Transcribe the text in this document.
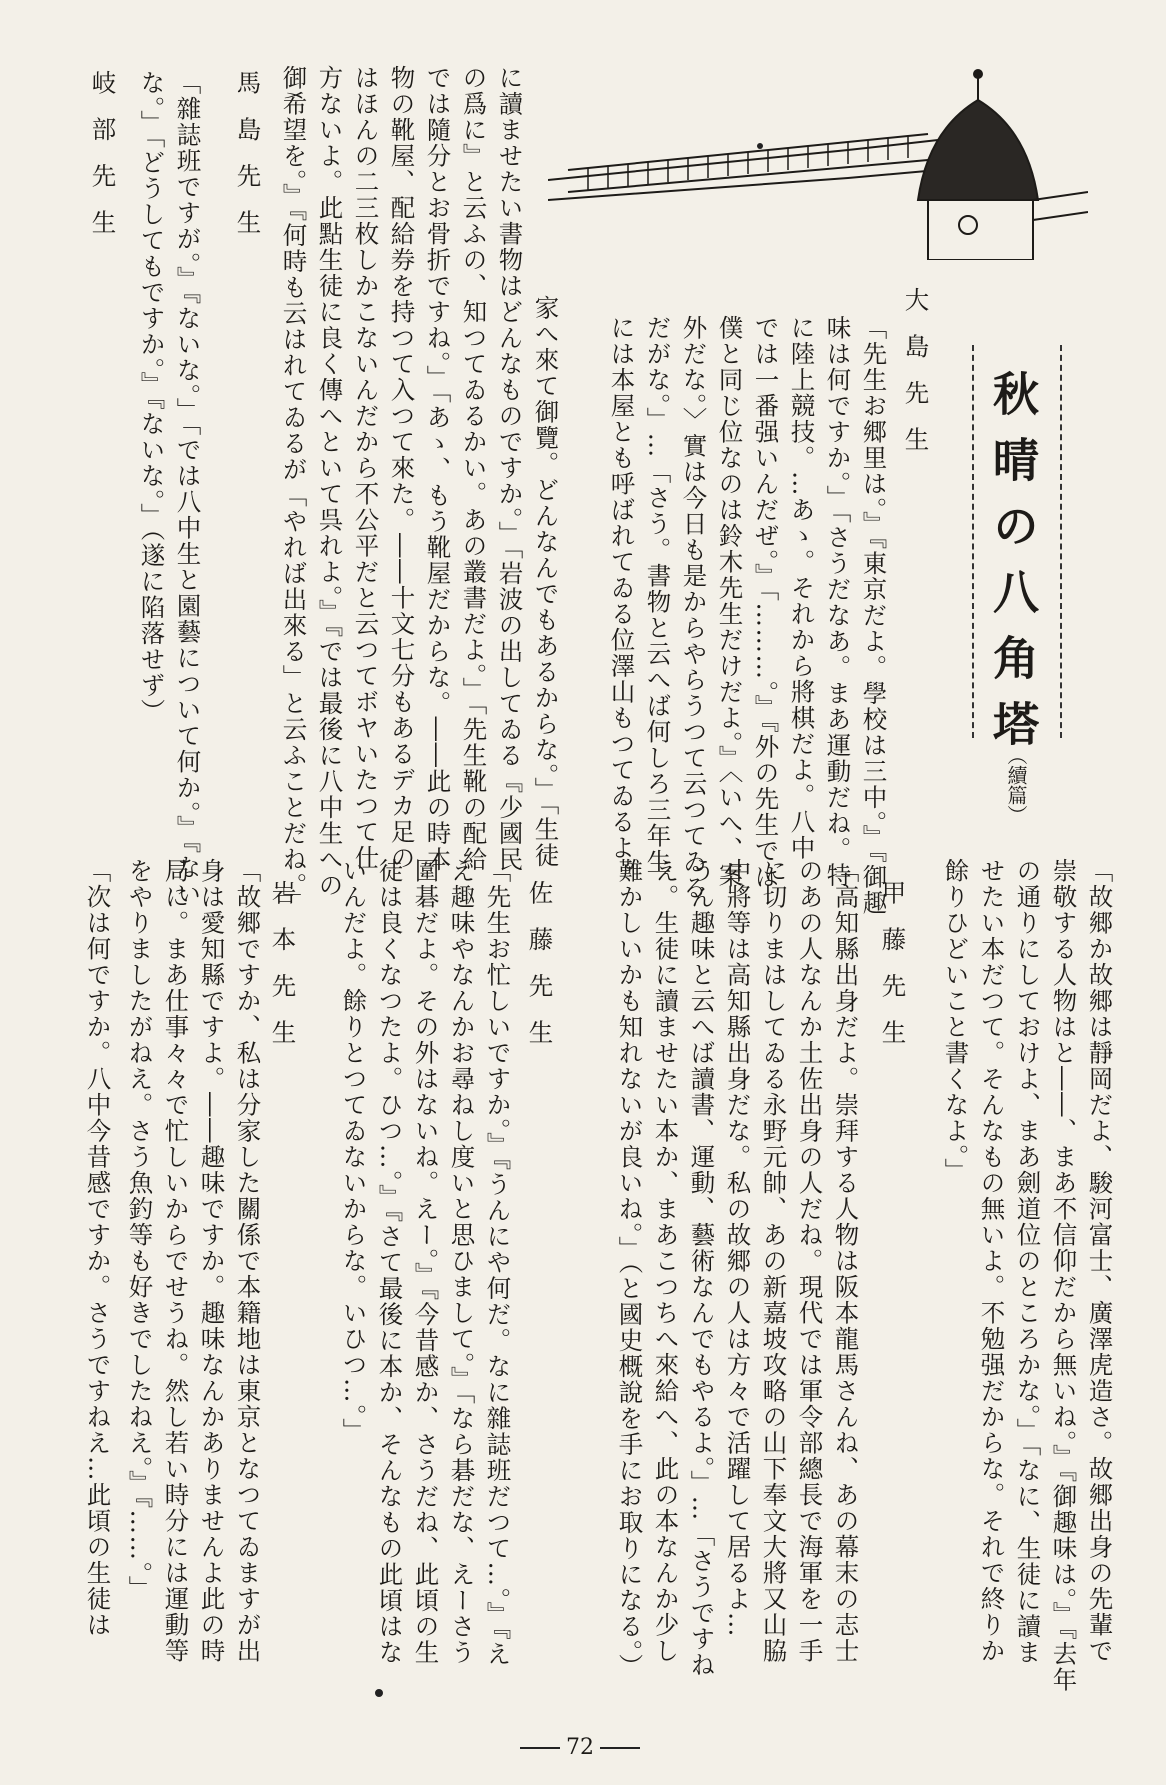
秋晴の八角塔
（續篇）
大島先生
「先生お郷里は。』『東京だよ。學校は三中。』『御趣
味は何ですか。」「さうだなあ。まあ運動だね。特
に陸上競技。…あゝ。それから將棋だよ。八中
では一番强いんだぜ。』「………。』『外の先生では
僕と同じ位なのは鈴木先生だけだよ。』〈いへ、案
外だな。〉實は今日も是からやらうつて云つてゐる
だがな。」…「さう。書物と云へば何しろ三年生
には本屋とも呼ばれてゐる位澤山もつてゐるよ。
家へ來て御覽。どんなんでもあるからな。」「生徒
に讀ませたい書物はどんなものですか。」「岩波の出してゐる『少國民
の爲に』と云ふの、知つてゐるかい。あの叢書だよ。」「先生靴の配給
では隨分とお骨折ですね。」「あゝ、もう靴屋だからな。――此の時本
物の靴屋、配給券を持つて入つて來た。――十文七分もあるデカ足の
はほんの二三枚しかこないんだから不公平だと云つてボヤいたつて仕
方ないよ。此點生徒に良く傳へといて呉れよ。』『では最後に八中生への
御希望を。』『何時も云はれてゐるが「やれば出來る」と云ふことだね。」
馬島先生
「雜誌班ですが。』『ないな。」「では八中生と園藝について何か。』『ない
な。」「どうしてもですか。』『ないな。」（遂に陷落せず）
岐部先生
「故郷か故郷は靜岡だよ、駿河富士、廣澤虎造さ。故郷出身の先輩で
崇敬する人物はと――、まあ不信仰だから無いね。』『御趣味は。』『去年
の通りにしておけよ、まあ劍道位のところかな。」「なに、生徒に讀ま
せたい本だつて。そんなもの無いよ。不勉强だからな。それで終りか
餘りひどいこと書くなよ。」
甲藤先生
「高知縣出身だよ。崇拜する人物は阪本龍馬さんね、あの幕末の志士
のあの人なんか土佐出身の人だね。現代では軍令部總長で海軍を一手
に切りまはしてゐる永野元帥、あの新嘉坡攻略の山下奉文大將又山脇
中將等は高知縣出身だな。私の故郷の人は方々で活躍して居るよ…
うん趣味と云へば讀書、運動、藝術なんでもやるよ。」…「さうですね
え。生徒に讀ませたい本か、まあこつちへ來給へ、此の本なんか少し
難かしいかも知れないが良いね。」（と國史概說を手にお取りになる。）
佐藤先生
「先生お忙しいですか。』『うんにや何だ。なに雜誌班だつて…。』『え
え趣味やなんかお尋ねし度いと思ひまして。』「なら碁だな、えーさう
圍碁だよ。その外はないね。えー。』『今昔感か、さうだね、此頃の生
徒は良くなつたよ。ひつ…。』『さて最後に本か、そんなもの此頃はな
いんだよ。餘りとつてゐないからな。いひつ…。」
岩本先生
「故郷ですか、私は分家した關係で本籍地は東京となつてゐますが出
身は愛知縣ですよ。――趣味ですか。趣味なんかありませんよ此の時
局に。まあ仕事々々で忙しいからでせうね。然し若い時分には運動等
をやりましたがねえ。さう魚釣等も好きでしたねえ。』『……。」
「次は何ですか。八中今昔感ですか。さうですねえ…此頃の生徒は
72
